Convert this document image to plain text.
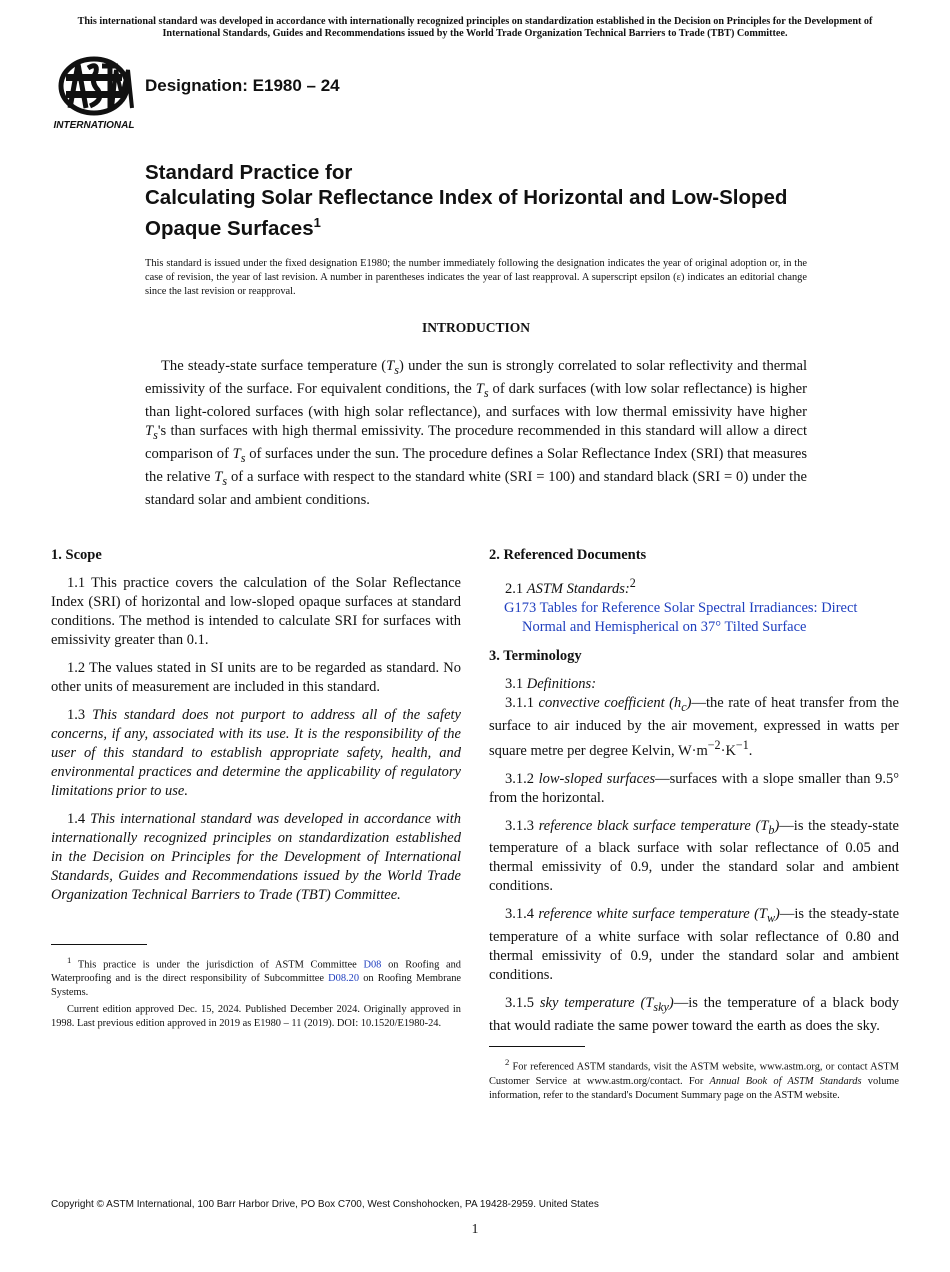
This international standard was developed in accordance with internationally recognized principles on standardization established in the Decision on Principles for the Development of International Standards, Guides and Recommendations issued by the World Trade Organization Technical Barriers to Trade (TBT) Committee.
INTERNATIONAL
Designation: E1980 – 24
Standard Practice for
Calculating Solar Reflectance Index of Horizontal and Low-Sloped Opaque Surfaces$^1$
This standard is issued under the fixed designation E1980; the number immediately following the designation indicates the year of original adoption or, in the case of revision, the year of last revision. A number in parentheses indicates the year of last reapproval. A superscript epsilon (ε) indicates an editorial change since the last revision or reapproval.
INTRODUCTION
The steady-state surface temperature $(T_s)$ under the sun is strongly correlated to solar reflectivity and thermal emissivity of the surface. For equivalent conditions, the $T_s$ of dark surfaces (with low solar reflectance) is higher than light-colored surfaces (with high solar reflectance), and surfaces with low thermal emissivity have higher $T_s's$ than surfaces with high thermal emissivity. The procedure recommended in this standard will allow a direct comparison of $T_s$ of surfaces under the sun. The procedure defines a Solar Reflectance Index (SRI) that measures the relative $T_s$ of a surface with respect to the standard white (SRI = 100) and standard black (SRI = 0) under the standard solar and ambient conditions.
1. Scope

1.1 This practice covers the calculation of the Solar Reflectance Index (SRI) of horizontal and low-sloped opaque surfaces at standard conditions. The method is intended to calculate SRI for surfaces with emissivity greater than 0.1.

1.2 The values stated in SI units are to be regarded as standard. No other units of measurement are included in this standard.

1.3 This standard does not purport to address all of the safety concerns, if any, associated with its use. It is the responsibility of the user of this standard to establish appropriate safety, health, and environmental practices and determine the applicability of regulatory limitations prior to use.

1.4 This international standard was developed in accordance with internationally recognized principles on standardization established in the Decision on Principles for the Development of International Standards, Guides and Recommendations issued by the World Trade Organization Technical Barriers to Trade (TBT) Committee.

$^1$ This practice is under the jurisdiction of ASTM Committee D08 on Roofing and Waterproofing and is the direct responsibility of Subcommittee D08.20 on Roofing Membrane Systems.

Current edition approved Dec. 15, 2024. Published December 2024. Originally approved in 1998. Last previous edition approved in 2019 as E1980 – 11 (2019). DOI: 10.1520/E1980-24.

2. Referenced Documents
2.1 ASTM Standards:$^2$
G173 Tables for Reference Solar Spectral Irradiances: Direct Normal and Hemispherical on 37° Tilted Surface
3. Terminology
3.1 Definitions:

3.1.1 convective coefficient $(h_c)—the$ rate of heat transfer from the surface to air induced by the air movement, expressed in watts per square metre per degree Kelvin, $W\cdot m^{-2}\cdot K^{-1}$.

3.1.2 low-sloped surfaces—surfaces with a slope smaller than 9.5° from the horizontal.

3.1.3 reference black surface temperature $(T_b)—is$ the steady-state temperature of a black surface with solar reflectance of 0.05 and thermal emissivity of 0.9, under the standard solar and ambient conditions.

3.1.4 reference white surface temperature $(T_w)—is$ the steady-state temperature of a white surface with solar reflectance of 0.80 and thermal emissivity of 0.9, under the standard solar and ambient conditions.

3.1.5 sky temperature $(T_{sky})—is$ the temperature of a black body that would radiate the same power toward the earth as does the sky.

$^2$ For referenced ASTM standards, visit the ASTM website, www.astm.org, or contact ASTM Customer Service at www.astm.org/contact. For Annual Book of ASTM Standards volume information, refer to the standard's Document Summary page on the ASTM website.

Copyright © ASTM International, 100 Barr Harbor Drive, PO Box C700, West Conshohocken, PA 19428-2959. United States
1
